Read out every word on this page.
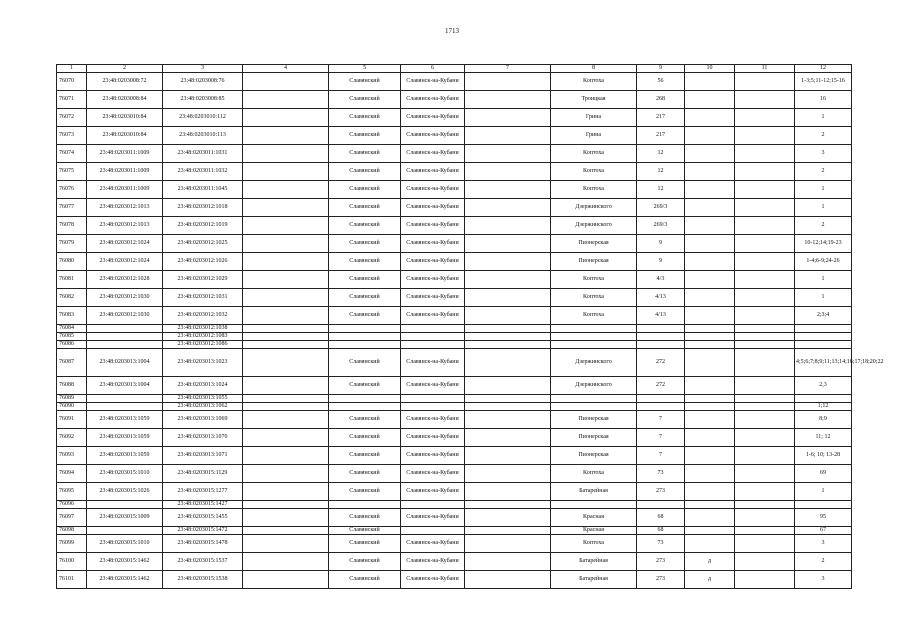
1713
1	2	3	4	5	6	7	8	9	10	11	12
76070	23:48:0203008:72	23:48:0203008:76		Славянский	Славянск-на-Кубани		Коптоха	56			1-3;5;11-12;15-16
76071	23:48:0203008:84	23:48:0203008:85		Славянский	Славянск-на-Кубани		Троицкая	268			16
76072	23:48:0203010:84	23:48:0203010:112		Славянский	Славянск-на-Кубани		Грина	217			1
76073	23:48:0203010:84	23:48:0203010:113		Славянский	Славянск-на-Кубани		Грина	217			2
76074	23:48:0203011:1009	23:48:0203011:1031		Славянский	Славянск-на-Кубани		Коптоха	12			3
76075	23:48:0203011:1009	23:48:0203011:1032		Славянский	Славянск-на-Кубани		Коптоха	12			2
76076	23:48:0203011:1009	23:48:0203011:1045		Славянский	Славянск-на-Кубани		Коптоха	12			1
76077	23:48:0203012:1013	23:48:0203012:1018		Славянский	Славянск-на-Кубани		Дзержинского	269/3			1
76078	23:48:0203012:1013	23:48:0203012:1019		Славянский	Славянск-на-Кубани		Дзержинского	269/3			2
76079	23:48:0203012:1024	23:48:0203012:1025		Славянский	Славянск-на-Кубани		Пионерская	9			10-12;14;19-23
76080	23:48:0203012:1024	23:48:0203012:1026		Славянский	Славянск-на-Кубани		Пионерская	9			1-4;6-9;24-26
76081	23:48:0203012:1028	23:48:0203012:1029		Славянский	Славянск-на-Кубани		Коптоха	4/3			1
76082	23:48:0203012:1030	23:48:0203012:1031		Славянский	Славянск-на-Кубани		Коптоха	4/13			1
76083	23:48:0203012:1030	23:48:0203012:1032		Славянский	Славянск-на-Кубани		Коптоха	4/13			2;3;4
76084		23:48:0203012:1038									
76085		23:48:0203012:1083									
76086		23:48:0203012:1086									
76087	23:48:0203013:1004	23:48:0203013:1023		Славянский	Славянск-на-Кубани		Дзержинского	272			4;5;6;7;8;9;11;13;14;16;17;18;20;22
76088	23:48:0203013:1004	23:48:0203013:1024		Славянский	Славянск-на-Кубани		Дзержинского	272			2,3
76089		23:48:0203013:1055									
76090		23:48:0203013:1062									1;12
76091	23:48:0203013:1059	23:48:0203013:1069		Славянский	Славянск-на-Кубани		Пионерская	7			8;9
76092	23:48:0203013:1059	23:48:0203013:1070		Славянский	Славянск-на-Кубани		Пионерская	7			11; 12
76093	23:48:0203013:1059	23:48:0203013:1071		Славянский	Славянск-на-Кубани		Пионерская	7			1-6; 10; 13-28
76094	23:48:0203015:1010	23:48:0203015:1129		Славянский	Славянск-на-Кубани		Коптоха	73			69
76095	23:48:0203015:1026	23:48:0203015:1277		Славянский	Славянск-на-Кубани		Батарейная	273			1
76096		23:48:0203015:1427									
76097	23:48:0203015:1009	23:48:0203015:1455		Славянский	Славянск-на-Кубани		Красная	68			95
76098		23:48:0203015:1472		Славянский			Красная	68			67
76099	23:48:0203015:1010	23:48:0203015:1478		Славянский	Славянск-на-Кубани		Коптоха	73			3
76100	23:48:0203015:1462	23:48:0203015:1537		Славянский	Славянск-на-Кубани		Батарейная	273	д		2
76101	23:48:0203015:1462	23:48:0203015:1538		Славянский	Славянск-на-Кубани		Батарейная	273	д		3
